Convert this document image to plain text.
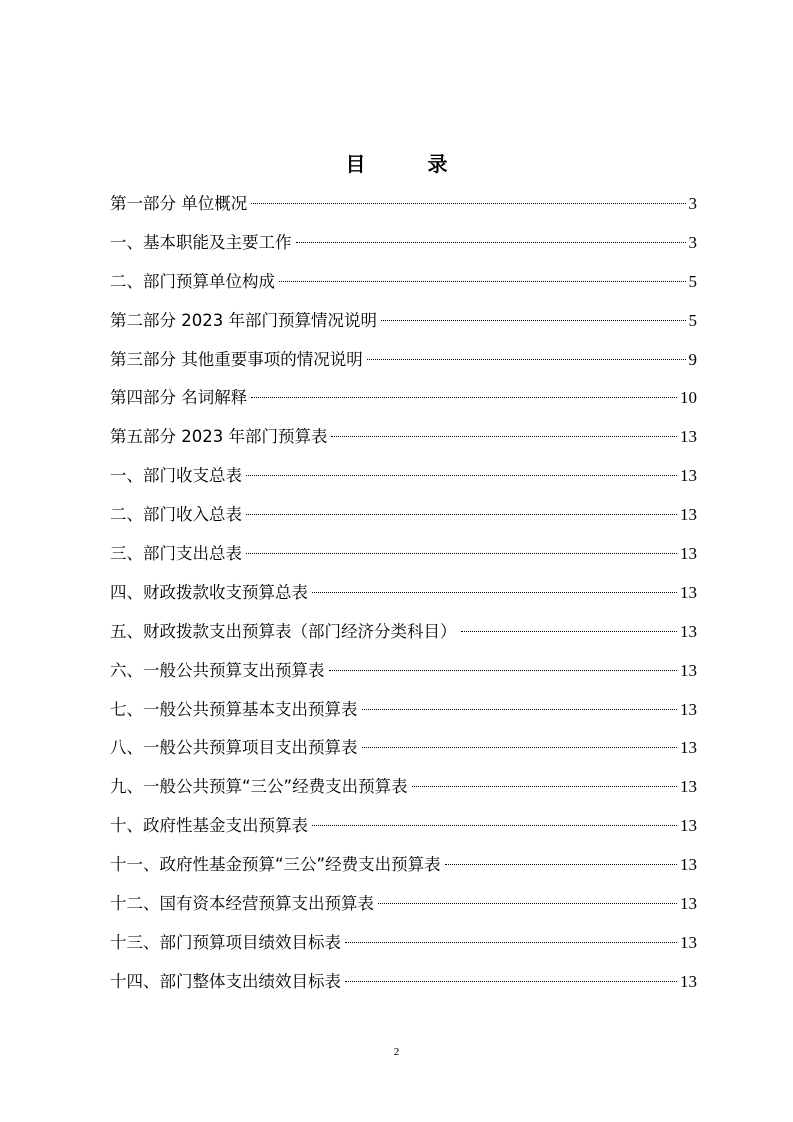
目	录
第一部分 单位概况	3
一、基本职能及主要工作	3
二、部门预算单位构成	5
第二部分 2023 年部门预算情况说明	5
第三部分 其他重要事项的情况说明	9
第四部分 名词解释	10
第五部分 2023 年部门预算表	13
一、部门收支总表	13
二、部门收入总表	13
三、部门支出总表	13
四、财政拨款收支预算总表	13
五、财政拨款支出预算表（部门经济分类科目）	13
六、一般公共预算支出预算表	13
七、一般公共预算基本支出预算表	13
八、一般公共预算项目支出预算表	13
九、一般公共预算“三公”经费支出预算表	13
十、政府性基金支出预算表	13
十一、政府性基金预算“三公”经费支出预算表	13
十二、国有资本经营预算支出预算表	13
十三、部门预算项目绩效目标表	13
十四、部门整体支出绩效目标表	13
2
